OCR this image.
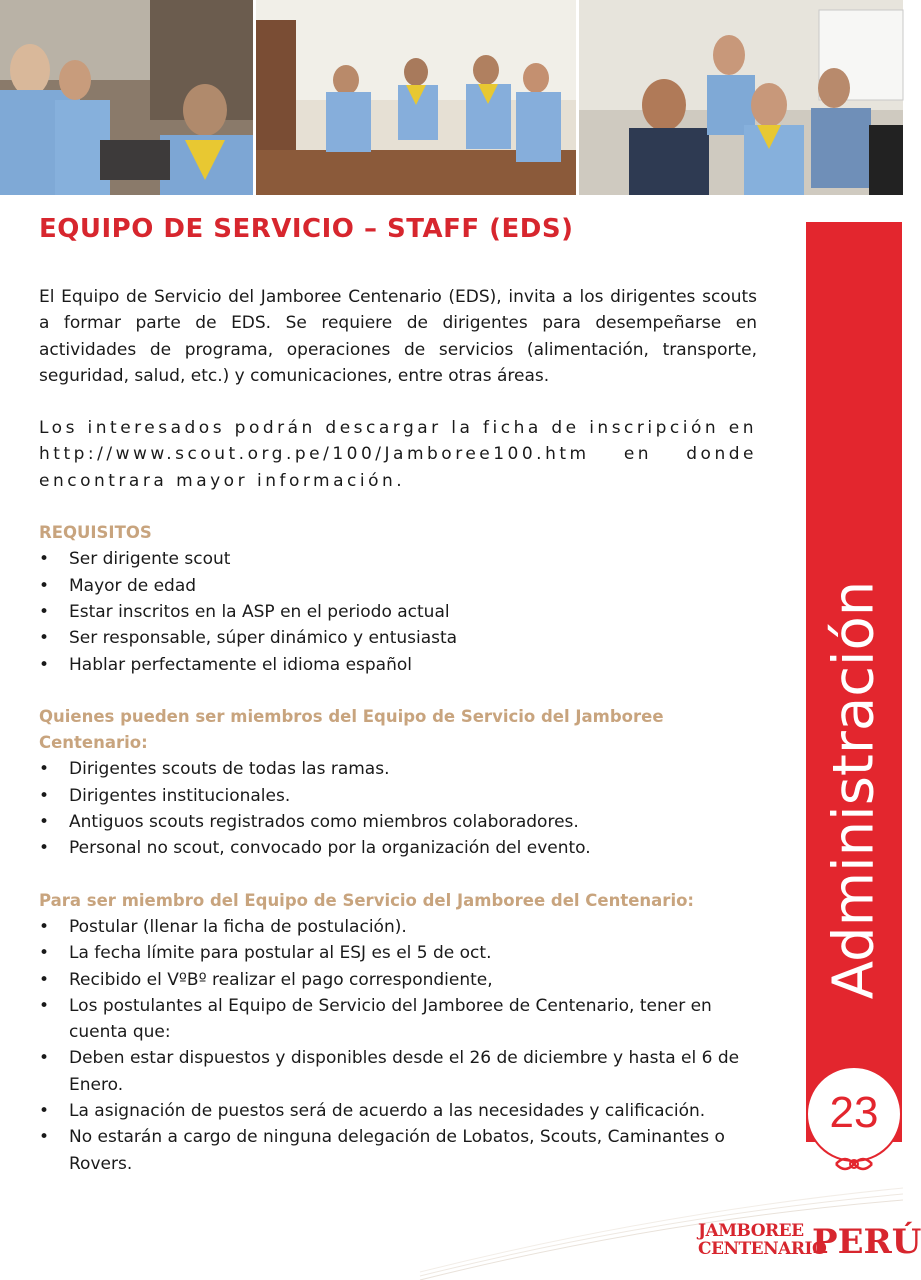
EQUIPO DE SERVICIO – STAFF (EDS)

El Equipo de Servicio del Jamboree Centenario (EDS), invita a los dirigentes scouts a formar parte de EDS. Se requiere de dirigentes para desempeñarse en actividades de programa, operaciones de servicios (alimentación, transporte, seguridad, salud, etc.) y comunicaciones, entre otras áreas.

Los interesados podrán descargar la ficha de inscripción en http://www.scout.org.pe/100/Jamboree100.htm en donde encontrara mayor información.

REQUISITOS
• Ser dirigente scout
• Mayor de edad
• Estar inscritos en la ASP en el periodo actual
• Ser responsable, súper dinámico y entusiasta
• Hablar perfectamente el idioma español
Quienes pueden ser miembros del Equipo de Servicio del Jamboree Centenario:
• Dirigentes scouts de todas las ramas.
• Dirigentes institucionales.
• Antiguos scouts registrados como miembros colaboradores.
• Personal no scout, convocado por la organización del evento.
Para ser miembro del Equipo de Servicio del Jamboree del Centenario:
• Postular (llenar la ficha de postulación).
• La fecha límite para postular al ESJ es el 5 de oct.
• Recibido el VºBº realizar el pago correspondiente,
• Los postulantes al Equipo de Servicio del Jamboree de Centenario, tener en cuenta que:
• Deben estar dispuestos y disponibles desde el 26 de diciembre y hasta el 6 de Enero.
• La asignación de puestos será de acuerdo a las necesidades y calificación.
• No estarán a cargo de ninguna delegación de Lobatos, Scouts, Caminantes o Rovers.
Administración
23
JAMBOREE
CENTENARIO
PERÚ
